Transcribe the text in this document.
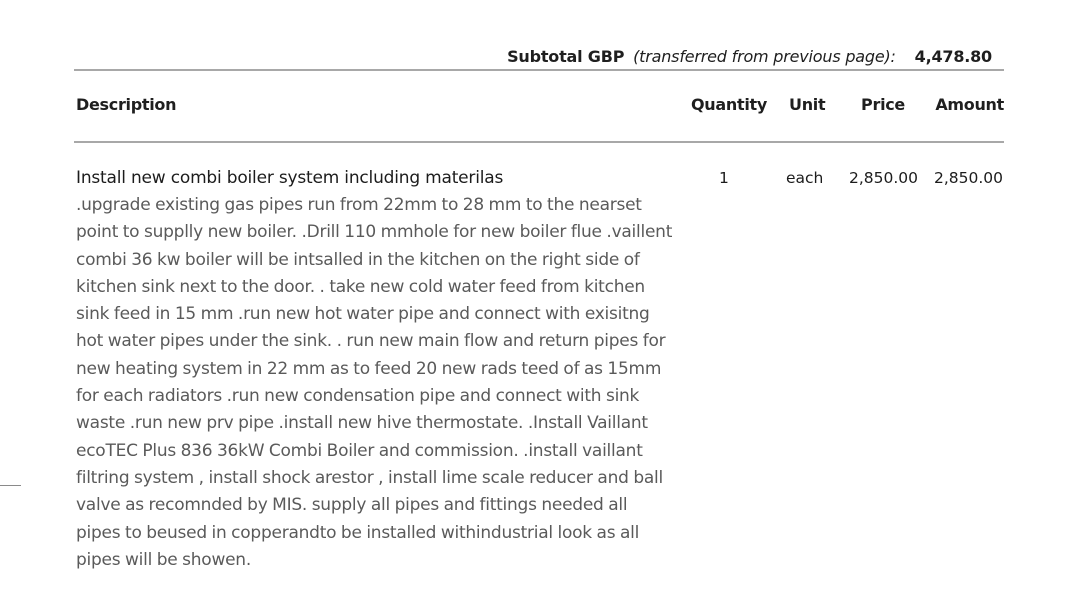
Subtotal GBP (transferred from previous page): 4,478.80
Description	Quantity Unit Price Amount
Install new combi boiler system including materilas
.upgrade existing gas pipes run from 22mm to 28 mm to the nearset point to supplly new boiler. .Drill 110 mmhole for new boiler flue .vaillent combi 36 kw boiler will be intsalled in the kitchen on the right side of kitchen sink next to the door. . take new cold water feed from kitchen sink feed in 15 mm .run new hot water pipe and connect with exisitng hot water pipes under the sink. . run new main flow and return pipes for new heating system in 22 mm as to feed 20 new rads teed of as 15mm for each radiators .run new condensation pipe and connect with sink waste .run new prv pipe .install new hive thermostate. .Install Vaillant ecoTEC Plus 836 36kW Combi Boiler and commission. .install vaillant filtring system , install shock arestor , install lime scale reducer and ball valve as recomnded by MIS. supply all pipes and fittings needed all pipes to beused in copperandto be installed withindustrial look as all pipes will be showen.
1	each 2,850.00 2,850.00
